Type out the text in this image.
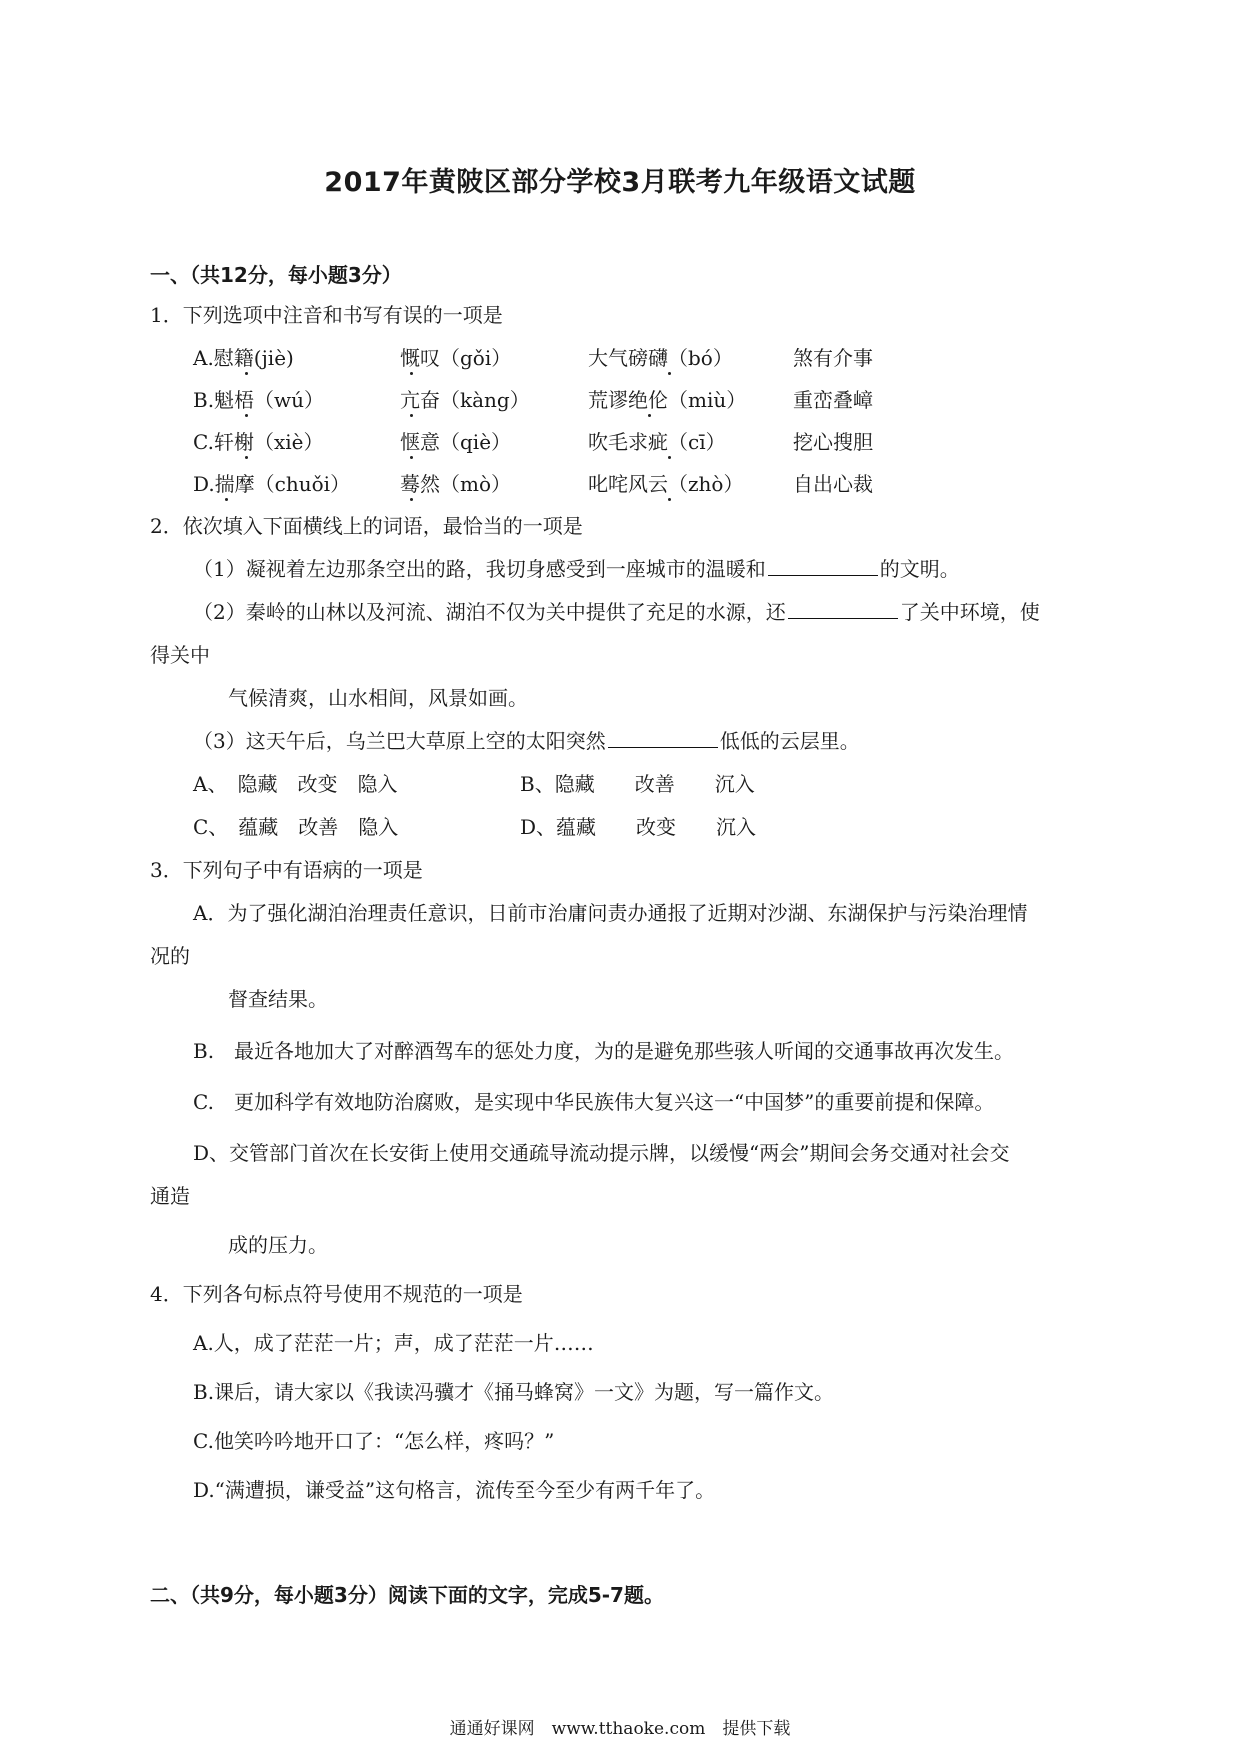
2017年黄陂区部分学校3月联考九年级语文试题
一、（共12分，每小题3分）
1．下列选项中注音和书写有误的一项是
A.慰籍(jiè)	慨叹（gǒi）	大气磅礴（bó）	煞有介事
B.魁梧（wú）	亢奋（kàng）	荒谬绝伦（miù） 重峦叠嶂
C.轩榭（xiè）	惬意（qiè）	吹毛求疵（cī）	挖心搜胆
D.揣摩（chuǒi） 蓦然（mò）	叱咤风云（zhò） 自出心裁
2．依次填入下面横线上的词语，最恰当的一项是
（1）凝视着左边那条空出的路，我切身感受到一座城市的温暖和	的文明。
（2）秦岭的山林以及河流、湖泊不仅为关中提供了充足的水源，还	了关中环境，使
得关中
气候清爽，山水相间，风景如画。
（3）这天午后，乌兰巴大草原上空的太阳突然	低低的云层里。
A、　隐藏　改变　隐入	B、隐藏　　改善　　沉入
C、　蕴藏　改善　隐入	D、蕴藏　　改变　　沉入
3．下列句子中有语病的一项是
A．为了强化湖泊治理责任意识，日前市治庸问责办通报了近期对沙湖、东湖保护与污染治理情
况的
督查结果。
B.　最近各地加大了对醉酒驾车的惩处力度，为的是避免那些骇人听闻的交通事故再次发生。
C.　更加科学有效地防治腐败，是实现中华民族伟大复兴这一“中国梦”的重要前提和保障。
D、交管部门首次在长安街上使用交通疏导流动提示牌，以缓慢“两会”期间会务交通对社会交
通造
成的压力。
4．下列各句标点符号使用不规范的一项是
A.人，成了茫茫一片；声，成了茫茫一片……
B.课后，请大家以《我读冯骥才《捅马蜂窝》一文》为题，写一篇作文。
C.他笑吟吟地开口了：“怎么样，疼吗？”
D.“满遭损，谦受益”这句格言，流传至今至少有两千年了。
二、（共9分，每小题3分）阅读下面的文字，完成5-7题。
通通好课网　www.tthaoke.com　提供下载
